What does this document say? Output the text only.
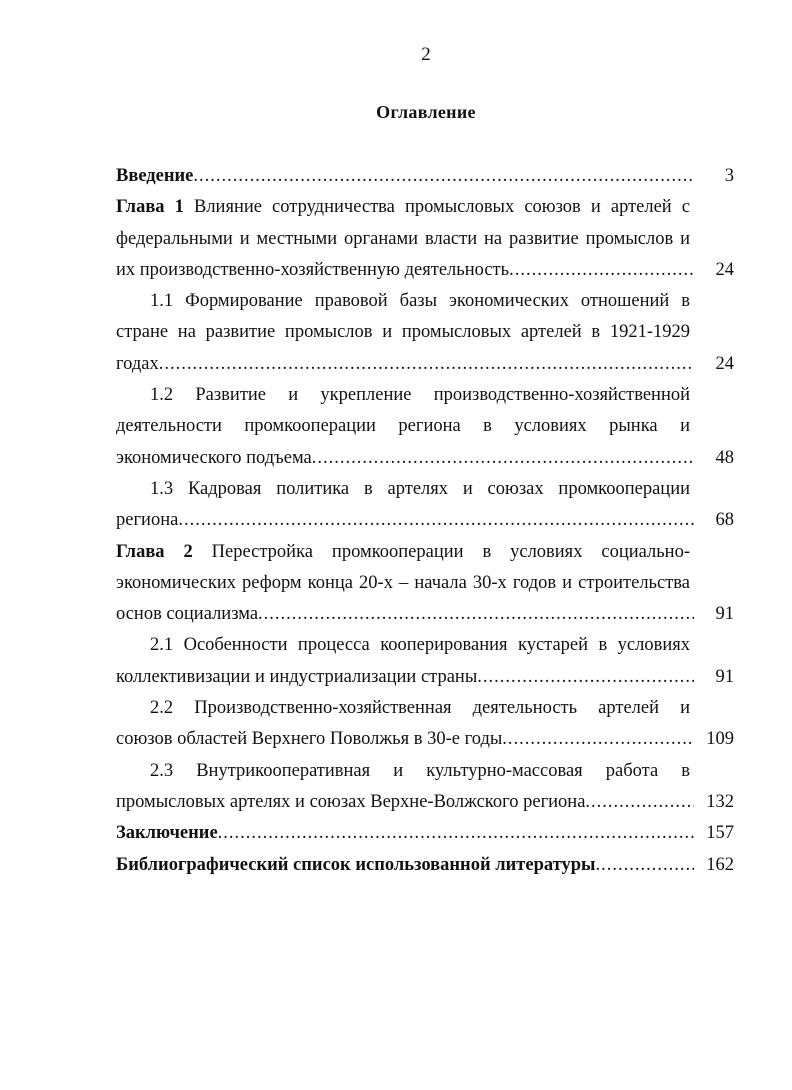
2
Оглавление
Введение .....	3
Глава 1 Влияние сотрудничества промысловых союзов и артелей с
федеральными и местными органами власти на развитие промыслов и
их производственно-хозяйственную деятельность .....	24
1.1 Формирование правовой базы экономических отношений в
стране на развитие промыслов и промысловых артелей в 1921-1929
годах .....	24
1.2 Развитие и укрепление производственно-хозяйственной
деятельности промкооперации региона в условиях рынка и
экономического подъема .....	48
1.3 Кадровая политика в артелях и союзах промкооперации
региона .....	68
Глава 2 Перестройка промкооперации в условиях социально-
экономических реформ конца 20-х – начала 30-х годов и строительства
основ социализма .....	91
2.1 Особенности процесса кооперирования кустарей в условиях
коллективизации и индустриализации страны .....	91
2.2 Производственно-хозяйственная деятельность артелей и
союзов областей Верхнего Поволжья в 30-е годы .....	109
2.3 Внутрикооперативная и культурно-массовая работа в
промысловых артелях и союзах Верхне-Волжского региона .....	132
Заключение .....	157
Библиографический список использованной литературы .....	162
